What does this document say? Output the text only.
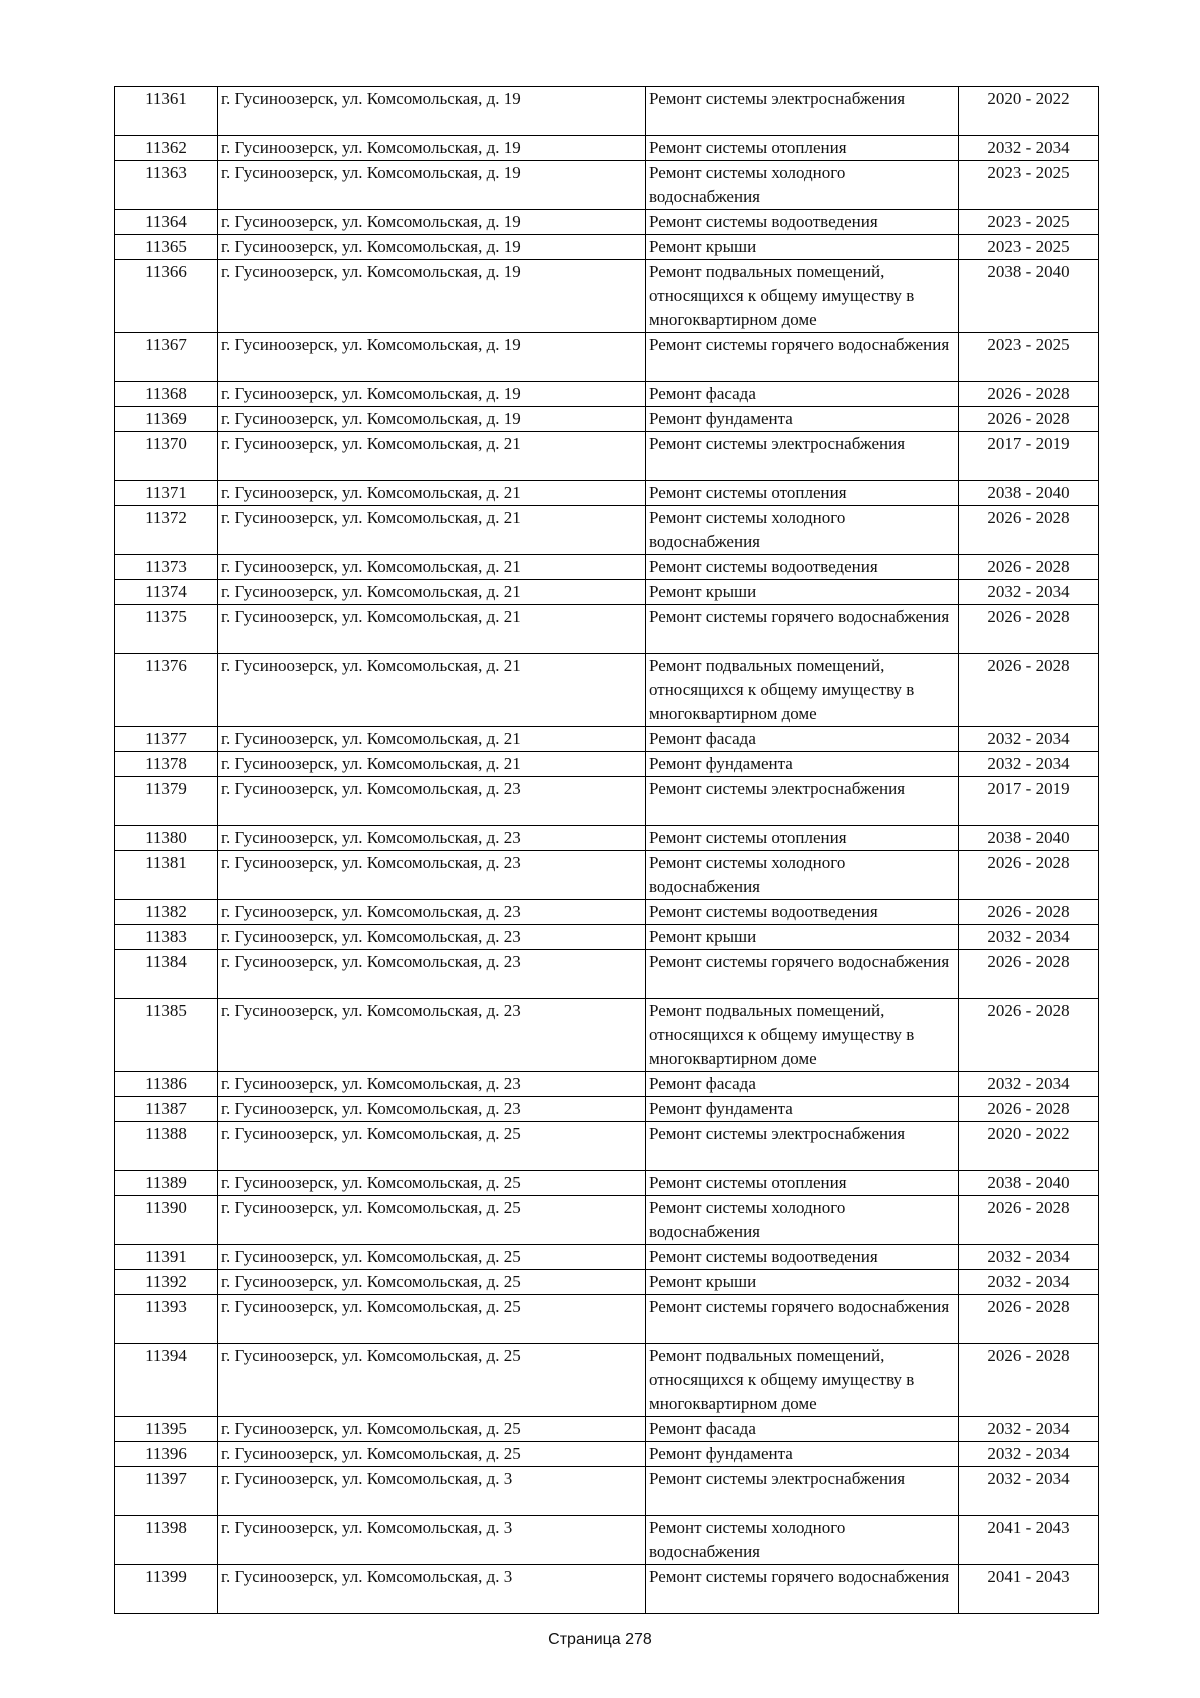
11361	г. Гусиноозерск, ул. Комсомольская, д. 19	Ремонт системы электроснабжения	2020 - 2022
11362	г. Гусиноозерск, ул. Комсомольская, д. 19	Ремонт системы отопления	2032 - 2034
11363	г. Гусиноозерск, ул. Комсомольская, д. 19	Ремонт системы холодного водоснабжения	2023 - 2025
11364	г. Гусиноозерск, ул. Комсомольская, д. 19	Ремонт системы водоотведения	2023 - 2025
11365	г. Гусиноозерск, ул. Комсомольская, д. 19	Ремонт крыши	2023 - 2025
11366	г. Гусиноозерск, ул. Комсомольская, д. 19	Ремонт подвальных помещений, относящихся к общему имуществу в многоквартирном доме	2038 - 2040
11367	г. Гусиноозерск, ул. Комсомольская, д. 19	Ремонт системы горячего водоснабжения	2023 - 2025
11368	г. Гусиноозерск, ул. Комсомольская, д. 19	Ремонт фасада	2026 - 2028
11369	г. Гусиноозерск, ул. Комсомольская, д. 19	Ремонт фундамента	2026 - 2028
11370	г. Гусиноозерск, ул. Комсомольская, д. 21	Ремонт системы электроснабжения	2017 - 2019
11371	г. Гусиноозерск, ул. Комсомольская, д. 21	Ремонт системы отопления	2038 - 2040
11372	г. Гусиноозерск, ул. Комсомольская, д. 21	Ремонт системы холодного водоснабжения	2026 - 2028
11373	г. Гусиноозерск, ул. Комсомольская, д. 21	Ремонт системы водоотведения	2026 - 2028
11374	г. Гусиноозерск, ул. Комсомольская, д. 21	Ремонт крыши	2032 - 2034
11375	г. Гусиноозерск, ул. Комсомольская, д. 21	Ремонт системы горячего водоснабжения	2026 - 2028
11376	г. Гусиноозерск, ул. Комсомольская, д. 21	Ремонт подвальных помещений, относящихся к общему имуществу в многоквартирном доме	2026 - 2028
11377	г. Гусиноозерск, ул. Комсомольская, д. 21	Ремонт фасада	2032 - 2034
11378	г. Гусиноозерск, ул. Комсомольская, д. 21	Ремонт фундамента	2032 - 2034
11379	г. Гусиноозерск, ул. Комсомольская, д. 23	Ремонт системы электроснабжения	2017 - 2019
11380	г. Гусиноозерск, ул. Комсомольская, д. 23	Ремонт системы отопления	2038 - 2040
11381	г. Гусиноозерск, ул. Комсомольская, д. 23	Ремонт системы холодного водоснабжения	2026 - 2028
11382	г. Гусиноозерск, ул. Комсомольская, д. 23	Ремонт системы водоотведения	2026 - 2028
11383	г. Гусиноозерск, ул. Комсомольская, д. 23	Ремонт крыши	2032 - 2034
11384	г. Гусиноозерск, ул. Комсомольская, д. 23	Ремонт системы горячего водоснабжения	2026 - 2028
11385	г. Гусиноозерск, ул. Комсомольская, д. 23	Ремонт подвальных помещений, относящихся к общему имуществу в многоквартирном доме	2026 - 2028
11386	г. Гусиноозерск, ул. Комсомольская, д. 23	Ремонт фасада	2032 - 2034
11387	г. Гусиноозерск, ул. Комсомольская, д. 23	Ремонт фундамента	2026 - 2028
11388	г. Гусиноозерск, ул. Комсомольская, д. 25	Ремонт системы электроснабжения	2020 - 2022
11389	г. Гусиноозерск, ул. Комсомольская, д. 25	Ремонт системы отопления	2038 - 2040
11390	г. Гусиноозерск, ул. Комсомольская, д. 25	Ремонт системы холодного водоснабжения	2026 - 2028
11391	г. Гусиноозерск, ул. Комсомольская, д. 25	Ремонт системы водоотведения	2032 - 2034
11392	г. Гусиноозерск, ул. Комсомольская, д. 25	Ремонт крыши	2032 - 2034
11393	г. Гусиноозерск, ул. Комсомольская, д. 25	Ремонт системы горячего водоснабжения	2026 - 2028
11394	г. Гусиноозерск, ул. Комсомольская, д. 25	Ремонт подвальных помещений, относящихся к общему имуществу в многоквартирном доме	2026 - 2028
11395	г. Гусиноозерск, ул. Комсомольская, д. 25	Ремонт фасада	2032 - 2034
11396	г. Гусиноозерск, ул. Комсомольская, д. 25	Ремонт фундамента	2032 - 2034
11397	г. Гусиноозерск, ул. Комсомольская, д. 3	Ремонт системы электроснабжения	2032 - 2034
11398	г. Гусиноозерск, ул. Комсомольская, д. 3	Ремонт системы холодного водоснабжения	2041 - 2043
11399	г. Гусиноозерск, ул. Комсомольская, д. 3	Ремонт системы горячего водоснабжения	2041 - 2043
Страница 278
